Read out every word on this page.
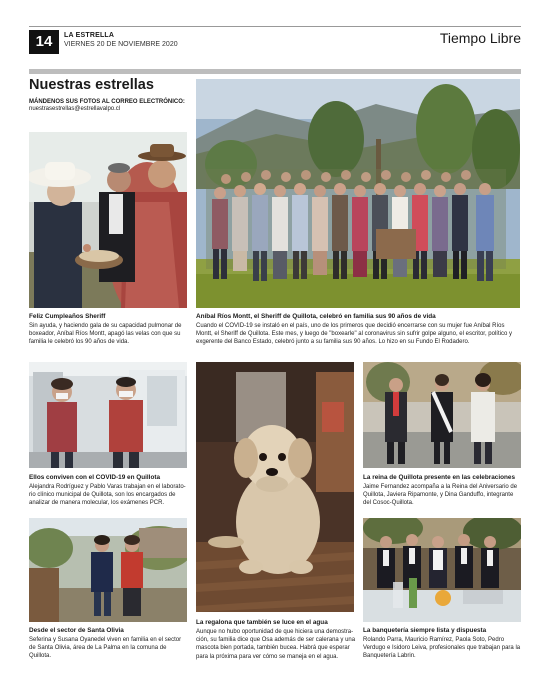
14	LA ESTRELLA
VIERNES 20 DE NOVIEMBRE 2020	Tiempo Libre
Nuestras estrellas
MÁNDENOS SUS FOTOS AL CORREO ELECTRÓNICO:
nuestrasestrellas@estrellavalpo.cl
Feliz Cumpleaños Sheriff
Sin ayuda, y haciendo gala de su capacidad pulmonar de
boxeador, Aníbal Ríos Montt, apagó las velas con que su
familia le celebró los 90 años de vida.
Aníbal Ríos Montt, el Sheriff de Quillota, celebró en familia sus 90 años de vida
Cuando el COVID-19 se instaló en el país, uno de los primeros que decidió encerrarse con su mujer fue Aníbal Ríos
Montt, el Sheriff de Quillota. Este mes, y luego de "boxearle" al coronavirus sin sufrir golpe alguno, el escritor, político y
exgerente del Banco Estado, celebró junto a su familia sus 90 años. Lo hizo en su Fundo El Rodadero.
Ellos conviven con el COVID-19 en Quillota
Alejandra Rodríguez y Pablo Varas trabajan en el laborato-
rio clínico municipal de Quillota, son los encargados de
analizar de manera molecular, los exámenes PCR.
La reina de Quillota presente en las celebraciones
Jaime Fernandez acompaña a la Reina del Aniversario de
Quillota, Javiera Ripamonte, y Dina Ganduffo, integrante
del Cosoc-Quillota.
Desde el sector de Santa Olivia
Seferina y Susana Oyanedel viven en familia en el sector
de Santa Olivia, área de La Palma en la comuna de
Quillota.
La regalona que también se luce en el agua
Aunque no hubo oportunidad de que hiciera una demostra-
ción, su familia dice que Osa además de ser calerana y una
mascota bien portada, también bucea. Habrá que esperar
para la próxima para ver cómo se maneja en el agua.
La banquetería siempre lista y dispuesta
Rolando Parra, Mauricio Ramírez, Paola Soto, Pedro
Verdugo e Isidoro Leiva, profesionales que trabajan para la
Banquetería Labrin.
